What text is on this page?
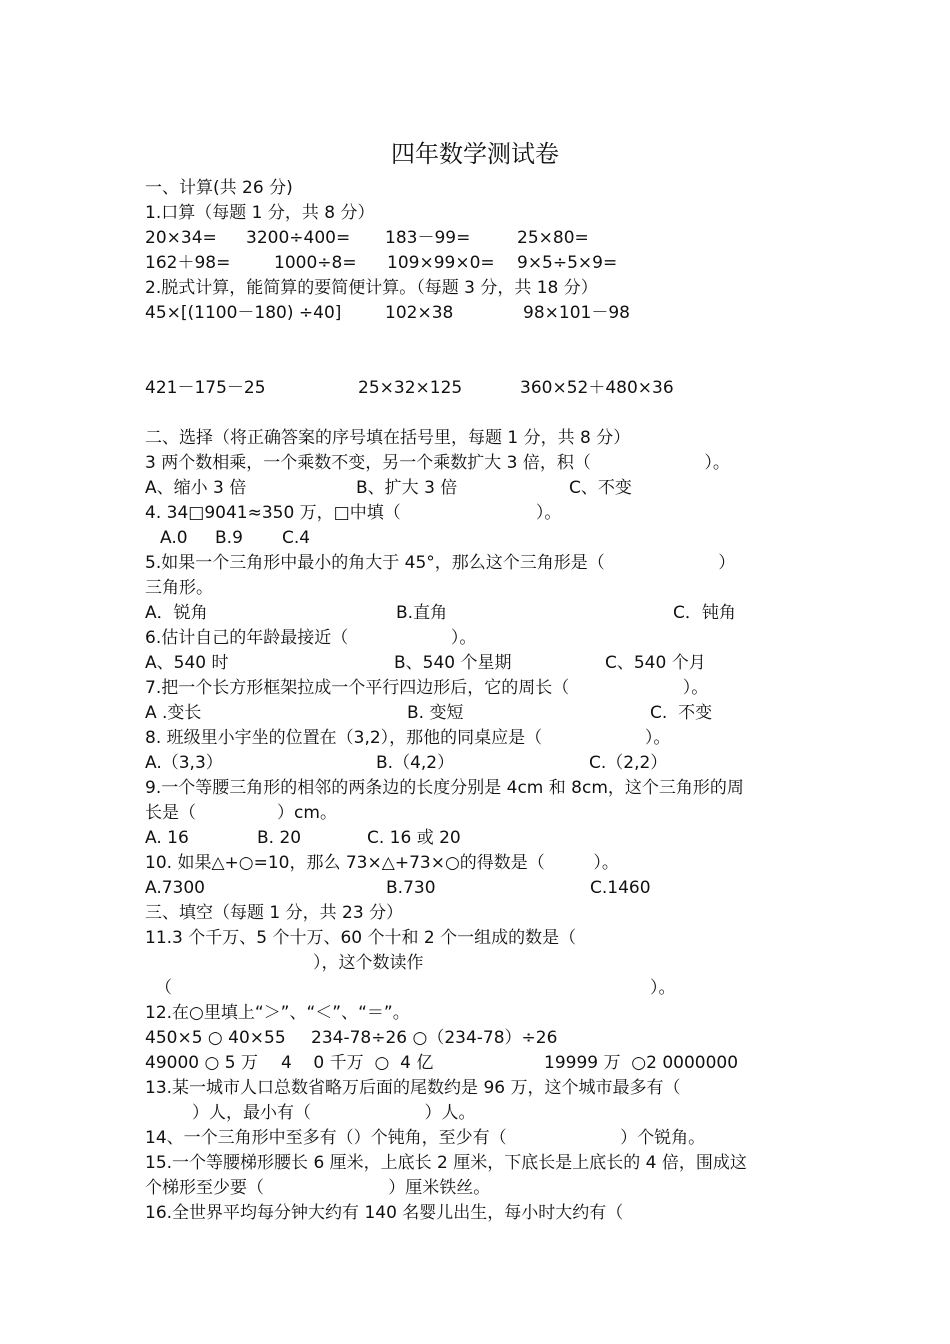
四年数学测试卷
一、计算(共 26 分)
1.口算（每题 1 分，共 8 分）
20×34= 3200÷400= 183－99=	25×80=
162＋98=	1000÷8= 109×99×0= 9×5÷5×9=
2.脱式计算，能简算的要简便计算。（每题 3 分，共 18 分）
45×[(1100－180) ÷40]	102×38	98×101－98
421－175－25	25×32×125	360×52＋480×36
二、选择（将正确答案的序号填在括号里，每题 1 分，共 8 分）
3 两个数相乘，一个乘数不变，另一个乘数扩大 3 倍，积（                     ）。
A、缩小 3 倍	B、扩大 3 倍	C、不变
4. 34□9041≈350 万，□中填（                         ）。
A.0 B.9 C.4
5.如果一个三角形中最小的角大于 45°，那么这个三角形是（                     ）
三角形。
A．锐角	B.直角	C．钝角
6.估计自己的年龄最接近（                   ）。
A、540 时	B、540 个星期	C、540 个月
7.把一个长方形框架拉成一个平行四边形后，它的周长（                     ）。
A .变长	B. 变短	C.  不变
8. 班级里小宇坐的位置在（3,2），那他的同桌应是（                   ）。
A.（3,3）	B.（4,2）	C.（2,2）
9.一个等腰三角形的相邻的两条边的长度分别是 4cm 和 8cm，这个三角形的周
长是（               ）cm。
A. 16	B. 20	C. 16 或 20
10. 如果△+○=10，那么 73×△+73×○的得数是（         ）。
A.7300	B.730	C.1460
三、填空（每题 1 分，共 23 分）
11.3 个千万、5 个十万、60 个十和 2 个一组成的数是（
），这个数读作
（	）。
12.在○里填上“＞”、“＜”、“＝”。
450×5 ○ 40×55 234-78÷26 ○（234-78）÷26
49000 ○ 5 万 4    0 千万  ○  4 亿	19999 万  ○2 0000000
13.某一城市人口总数省略万后面的尾数约是 96 万，这个城市最多有（
）人，最小有（                     ）人。
14、一个三角形中至多有（）个钝角，至少有（                     ）个锐角。
15.一个等腰梯形腰长 6 厘米，上底长 2 厘米，下底长是上底长的 4 倍，围成这
个梯形至少要（                       ）厘米铁丝。
16.全世界平均每分钟大约有 140 名婴儿出生，每小时大约有（
